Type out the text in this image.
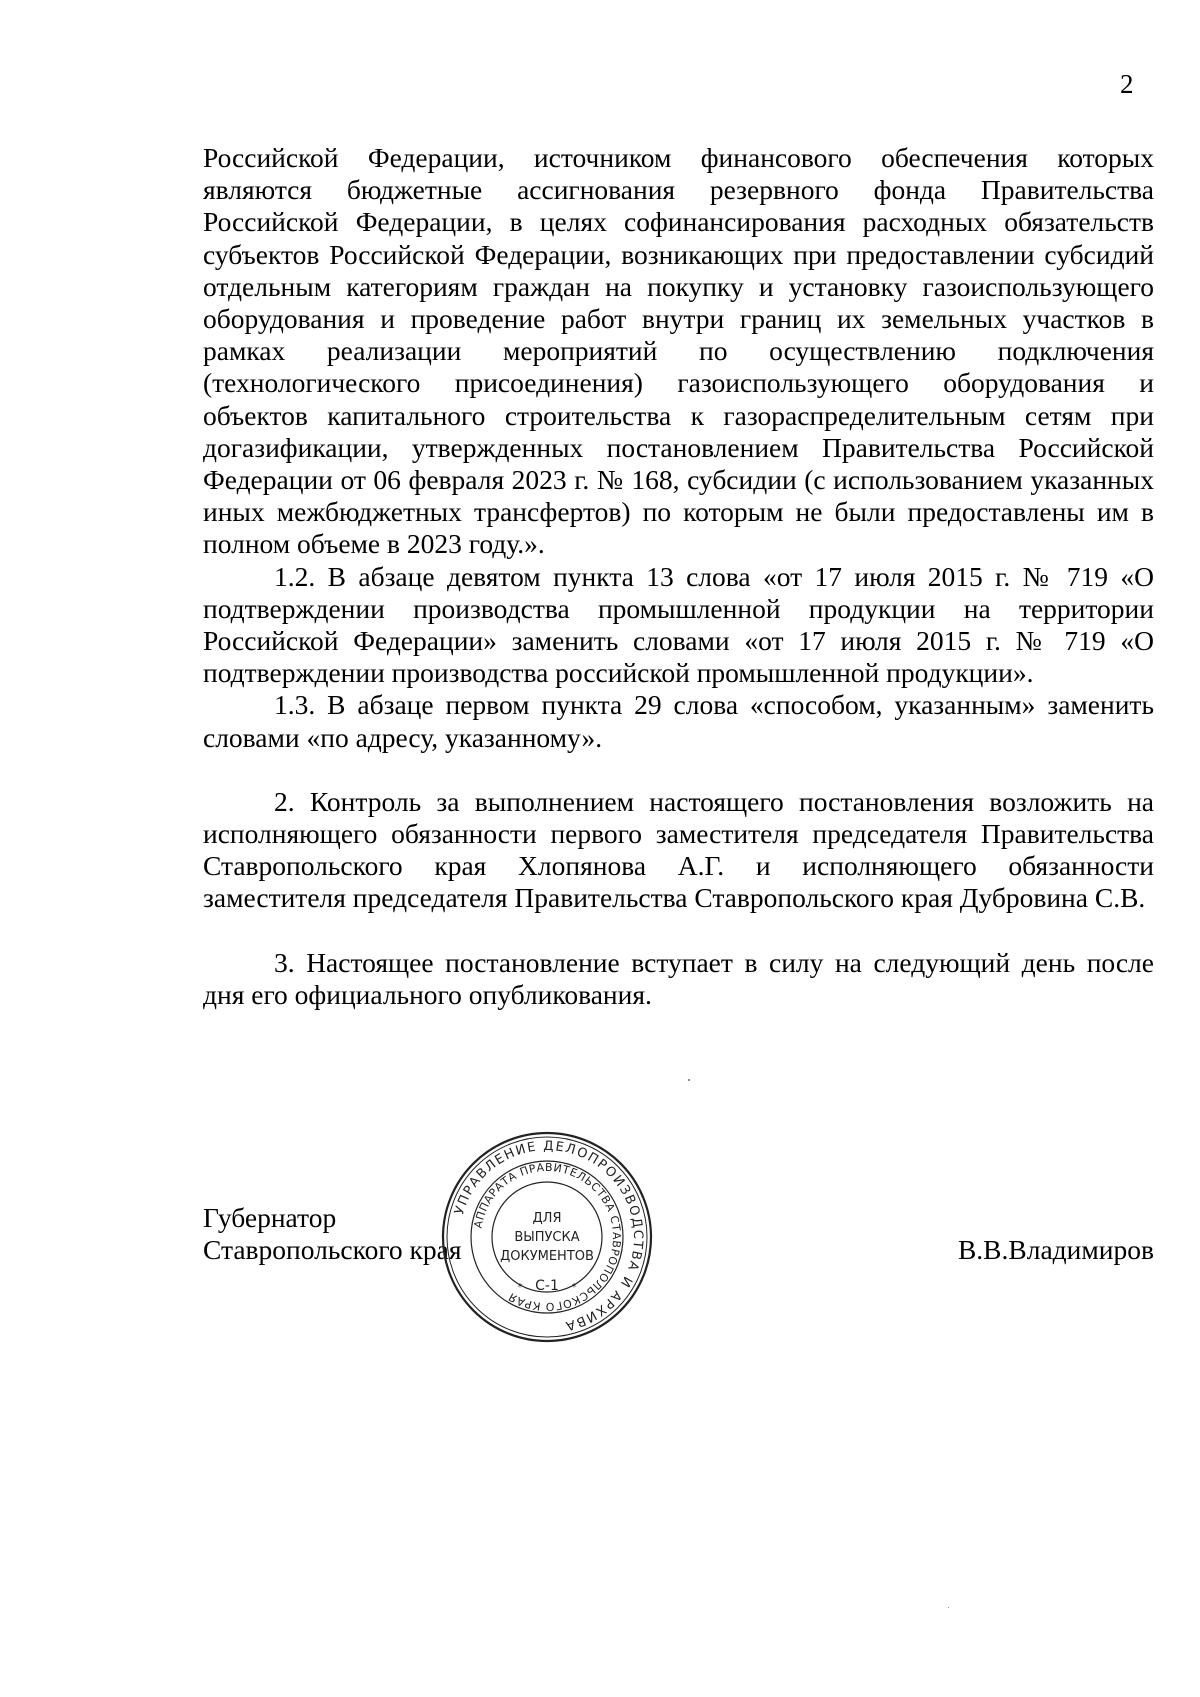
2

Российской Федерации, источником финансового обеспечения которых являются бюджетные ассигнования резервного фонда Правительства Российской Федерации, в целях софинансирования расходных обязательств субъектов Российской Федерации, возникающих при предоставлении субсидий отдельным категориям граждан на покупку и установку газоиспользующего оборудования и проведение работ внутри границ их земельных участков в рамках реализации мероприятий по осуществлению подключения (технологического присоединения) газоиспользующего оборудования и объектов капитального строительства к газораспределительным сетям при догазификации, утвержденных постановлением Правительства Российской Федерации от 06 февраля 2023 г. № 168, субсидии (с использованием указанных иных межбюджетных трансфертов) по которым не были предоставлены им в полном объеме в 2023 году.».

1.2. В абзаце девятом пункта 13 слова «от 17 июля 2015 г. № 719 «О подтверждении производства промышленной продукции на территории Российской Федерации» заменить словами «от 17 июля 2015 г. № 719 «О подтверждении производства российской промышленной продукции».

1.3. В абзаце первом пункта 29 слова «способом, указанным» заменить словами «по адресу, указанному».

2. Контроль за выполнением настоящего постановления возложить на исполняющего обязанности первого заместителя председателя Правительства Ставропольского края Хлопянова А.Г. и исполняющего обязанности заместителя председателя Правительства Ставропольского края Дубровина С.В.

3. Настоящее постановление вступает в силу на следующий день после дня его официального опубликования.

Губернатор
Ставропольского края	В.В.Владимиров
УПРАВЛЕНИЕ ДЕЛОПРОИЗВОДСТВА И АРХИВА
АППАРАТА ПРАВИТЕЛЬСТВА СТАВРОПОЛЬСКОГО КРАЯ
ДЛЯ
ВЫПУСКА
ДОКУМЕНТОВ
С-1
*	*
